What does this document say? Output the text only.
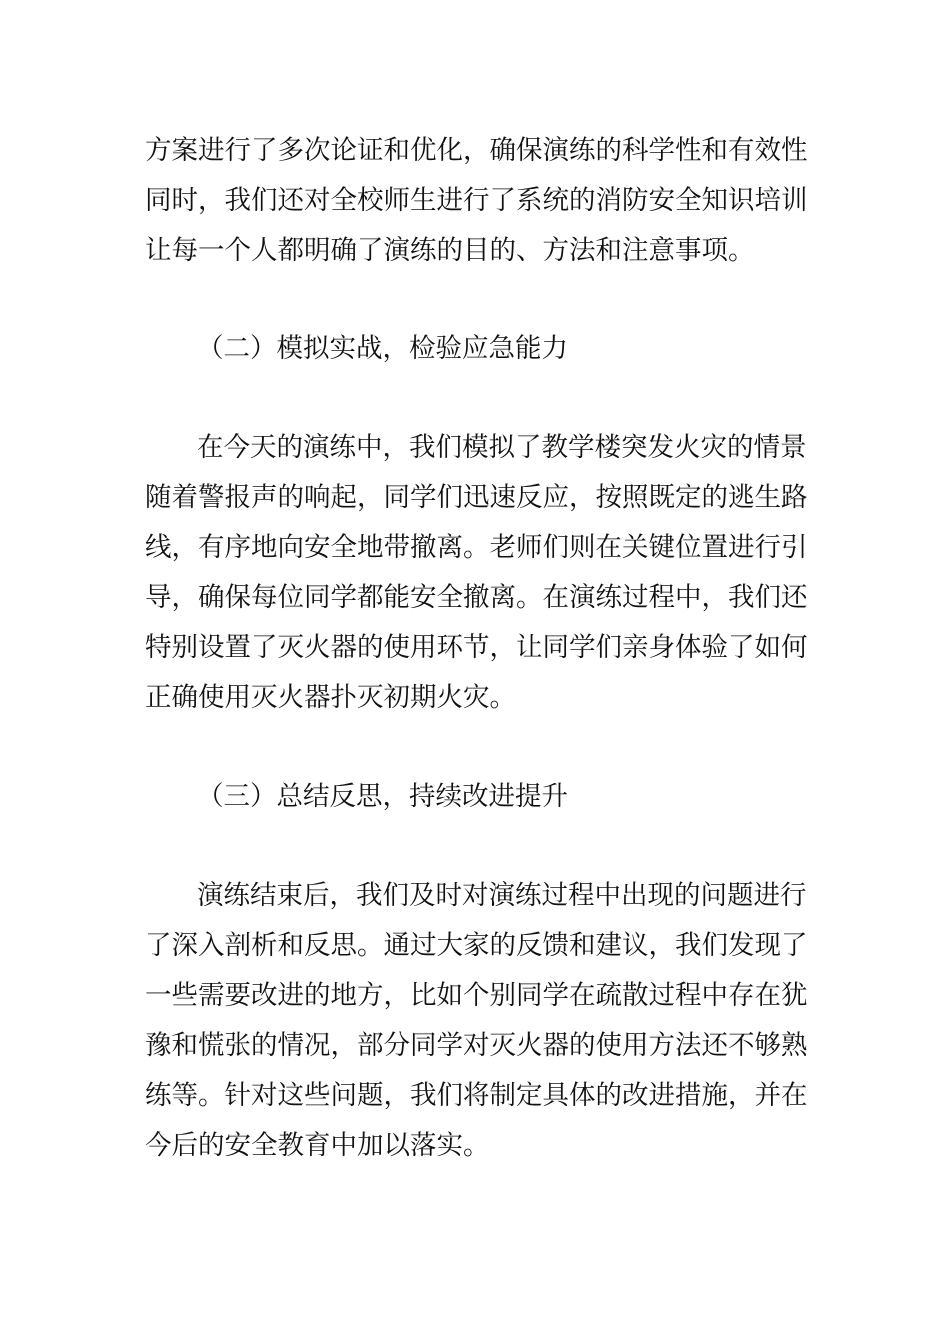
方案进行了多次论证和优化，确保演练的科学性和有效性
同时，我们还对全校师生进行了系统的消防安全知识培训
让每一个人都明确了演练的目的、方法和注意事项。
（二）模拟实战，检验应急能力
在今天的演练中，我们模拟了教学楼突发火灾的情景
随着警报声的响起，同学们迅速反应，按照既定的逃生路
线，有序地向安全地带撤离。老师们则在关键位置进行引
导，确保每位同学都能安全撤离。在演练过程中，我们还
特别设置了灭火器的使用环节，让同学们亲身体验了如何
正确使用灭火器扑灭初期火灾。
（三）总结反思，持续改进提升
演练结束后，我们及时对演练过程中出现的问题进行
了深入剖析和反思。通过大家的反馈和建议，我们发现了
一些需要改进的地方，比如个别同学在疏散过程中存在犹
豫和慌张的情况，部分同学对灭火器的使用方法还不够熟
练等。针对这些问题，我们将制定具体的改进措施，并在
今后的安全教育中加以落实。
